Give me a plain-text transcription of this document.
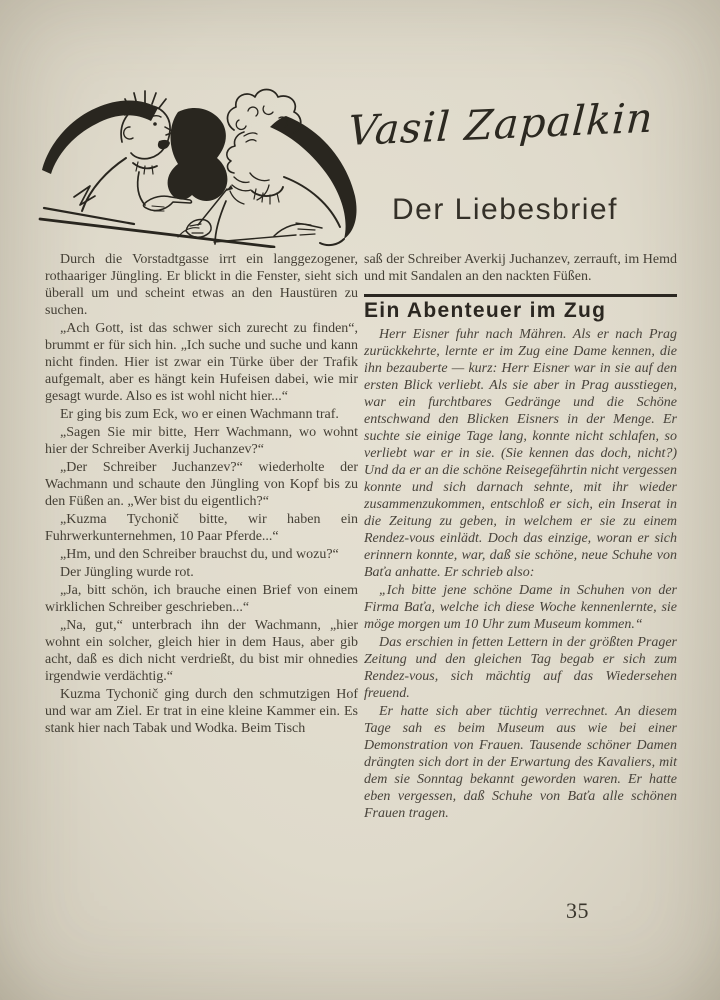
Vasil Zapalkin
Der Liebesbrief

Durch die Vorstadtgasse irrt ein langgezogener, rothaariger Jüngling. Er blickt in die Fenster, sieht sich überall um und scheint etwas an den Haustüren zu suchen.

„Ach Gott, ist das schwer sich zurecht zu finden“, brummt er für sich hin. „Ich suche und suche und kann nicht finden. Hier ist zwar ein Türke über der Trafik aufgemalt, aber es hängt kein Hufeisen dabei, wie mir gesagt wurde. Also es ist wohl nicht hier...“

Er ging bis zum Eck, wo er einen Wachmann traf.

„Sagen Sie mir bitte, Herr Wachmann, wo wohnt hier der Schreiber Averkij Juchanzev?“

„Der Schreiber Juchanzev?“ wiederholte der Wachmann und schaute den Jüngling von Kopf bis zu den Füßen an. „Wer bist du eigentlich?“

„Kuzma Tychonič bitte, wir haben ein Fuhrwerkunternehmen, 10 Paar Pferde...“

„Hm, und den Schreiber brauchst du, und wozu?“

Der Jüngling wurde rot.

„Ja, bitt schön, ich brauche einen Brief von einem wirklichen Schreiber geschrieben...“

„Na, gut,“ unterbrach ihn der Wachmann, „hier wohnt ein solcher, gleich hier in dem Haus, aber gib acht, daß es dich nicht verdrießt, du bist mir ohnedies irgendwie verdächtig.“

Kuzma Tychonič ging durch den schmutzigen Hof und war am Ziel. Er trat in eine kleine Kammer ein. Es stank hier nach Tabak und Wodka. Beim Tisch

saß der Schreiber Averkij Juchanzev, zerrauft, im Hemd und mit Sandalen an den nackten Füßen.

Ein Abenteuer im Zug

Herr Eisner fuhr nach Mähren. Als er nach Prag zurückkehrte, lernte er im Zug eine Dame kennen, die ihn bezauberte — kurz: Herr Eisner war in sie auf den ersten Blick verliebt. Als sie aber in Prag ausstiegen, war ein furchtbares Gedränge und die Schöne entschwand den Blicken Eisners in der Menge. Er suchte sie einige Tage lang, konnte nicht schlafen, so verliebt war er in sie. (Sie kennen das doch, nicht?) Und da er an die schöne Reisegefährtin nicht vergessen konnte und sich darnach sehnte, mit ihr wieder zusammenzukommen, entschloß er sich, ein Inserat in die Zeitung zu geben, in welchem er sie zu einem Rendez-vous einlädt. Doch das einzige, woran er sich erinnern konnte, war, daß sie schöne, neue Schuhe von Baťa anhatte. Er schrieb also:

„Ich bitte jene schöne Dame in Schuhen von der Firma Baťa, welche ich diese Woche kennenlernte, sie möge morgen um 10 Uhr zum Museum kommen.“

Das erschien in fetten Lettern in der größten Prager Zeitung und den gleichen Tag begab er sich zum Rendez-vous, sich mächtig auf das Wiedersehen freuend.

Er hatte sich aber tüchtig verrechnet. An diesem Tage sah es beim Museum aus wie bei einer Demonstration von Frauen. Tausende schöner Damen drängten sich dort in der Erwartung des Kavaliers, mit dem sie Sonntag bekannt geworden waren. Er hatte eben vergessen, daß Schuhe von Baťa alle schönen Frauen tragen.

35
